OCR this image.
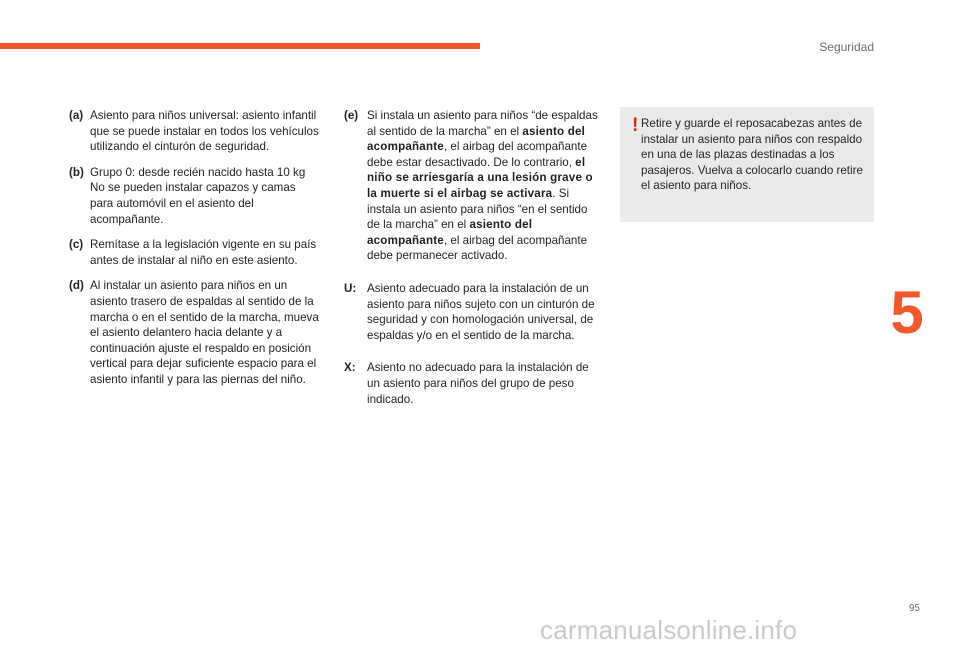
Seguridad
(a) Asiento para niños universal: asiento infantil que se puede instalar en todos los vehículos utilizando el cinturón de seguridad.
(b) Grupo 0: desde recién nacido hasta 10 kg No se pueden instalar capazos y camas para automóvil en el asiento del acompañante.
(c) Remítase a la legislación vigente en su país antes de instalar al niño en este asiento.
(d) Al instalar un asiento para niños en un asiento trasero de espaldas al sentido de la marcha o en el sentido de la marcha, mueva el asiento delantero hacia delante y a continuación ajuste el respaldo en posición vertical para dejar suficiente espacio para el asiento infantil y para las piernas del niño.
(e) Si instala un asiento para niños “de espaldas al sentido de la marcha” en el asiento del acompañante, el airbag del acompañante debe estar desactivado. De lo contrario, el niño se arriesgaría a una lesión grave o la muerte si el airbag se activara. Si instala un asiento para niños “en el sentido de la marcha” en el asiento del acompañante, el airbag del acompañante debe permanecer activado.
U: Asiento adecuado para la instalación de un asiento para niños sujeto con un cinturón de seguridad y con homologación universal, de espaldas y/o en el sentido de la marcha.
X: Asiento no adecuado para la instalación de un asiento para niños del grupo de peso indicado.
! Retire y guarde el reposacabezas antes de instalar un asiento para niños con respaldo en una de las plazas destinadas a los pasajeros. Vuelva a colocarlo cuando retire el asiento para niños.
5
95
carmanualsonline.info
